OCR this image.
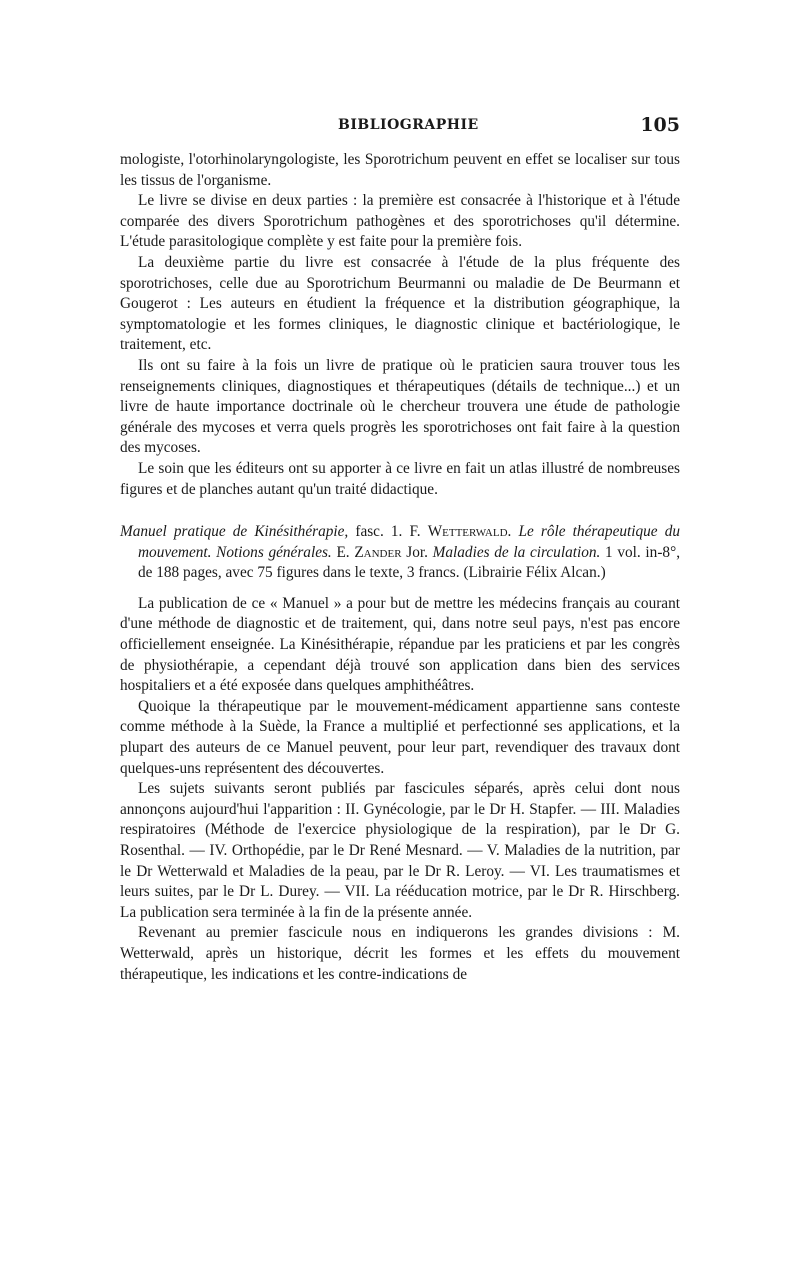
BIBLIOGRAPHIE	105

mologiste, l'otorhinolaryngologiste, les Sporotrichum peuvent en effet se localiser sur tous les tissus de l'organisme.

Le livre se divise en deux parties : la première est consacrée à l'historique et à l'étude comparée des divers Sporotrichum pathogènes et des sporotrichoses qu'il détermine. L'étude parasitologique complète y est faite pour la première fois.

La deuxième partie du livre est consacrée à l'étude de la plus fréquente des sporotrichoses, celle due au Sporotrichum Beurmanni ou maladie de De Beurmann et Gougerot : Les auteurs en étudient la fréquence et la distribution géographique, la symptomatologie et les formes cliniques, le diagnostic clinique et bactériologique, le traitement, etc.

Ils ont su faire à la fois un livre de pratique où le praticien saura trouver tous les renseignements cliniques, diagnostiques et thérapeutiques (détails de technique...) et un livre de haute importance doctrinale où le chercheur trouvera une étude de pathologie générale des mycoses et verra quels progrès les sporotrichoses ont fait faire à la question des mycoses.

Le soin que les éditeurs ont su apporter à ce livre en fait un atlas illustré de nombreuses figures et de planches autant qu'un traité didactique.

Manuel pratique de Kinésithérapie, fasc. 1. F. Wetterwald. Le rôle thérapeutique du mouvement. Notions générales. E. Zander Jor. Maladies de la circulation. 1 vol. in-8°, de 188 pages, avec 75 figures dans le texte, 3 francs. (Librairie Félix Alcan.)

La publication de ce « Manuel » a pour but de mettre les médecins français au courant d'une méthode de diagnostic et de traitement, qui, dans notre seul pays, n'est pas encore officiellement enseignée. La Kinésithérapie, répandue par les praticiens et par les congrès de physiothérapie, a cependant déjà trouvé son application dans bien des services hospitaliers et a été exposée dans quelques amphithéâtres.

Quoique la thérapeutique par le mouvement-médicament appartienne sans conteste comme méthode à la Suède, la France a multiplié et perfectionné ses applications, et la plupart des auteurs de ce Manuel peuvent, pour leur part, revendiquer des travaux dont quelques-uns représentent des découvertes.

Les sujets suivants seront publiés par fascicules séparés, après celui dont nous annonçons aujourd'hui l'apparition : II. Gynécologie, par le Dr H. Stapfer. — III. Maladies respiratoires (Méthode de l'exercice physiologique de la respiration), par le Dr G. Rosenthal. — IV. Orthopédie, par le Dr René Mesnard. — V. Maladies de la nutrition, par le Dr Wetterwald et Maladies de la peau, par le Dr R. Leroy. — VI. Les traumatismes et leurs suites, par le Dr L. Durey. — VII. La rééducation motrice, par le Dr R. Hirschberg. La publication sera terminée à la fin de la présente année.

Revenant au premier fascicule nous en indiquerons les grandes divisions : M. Wetterwald, après un historique, décrit les formes et les effets du mouvement thérapeutique, les indications et les contre-indications de
